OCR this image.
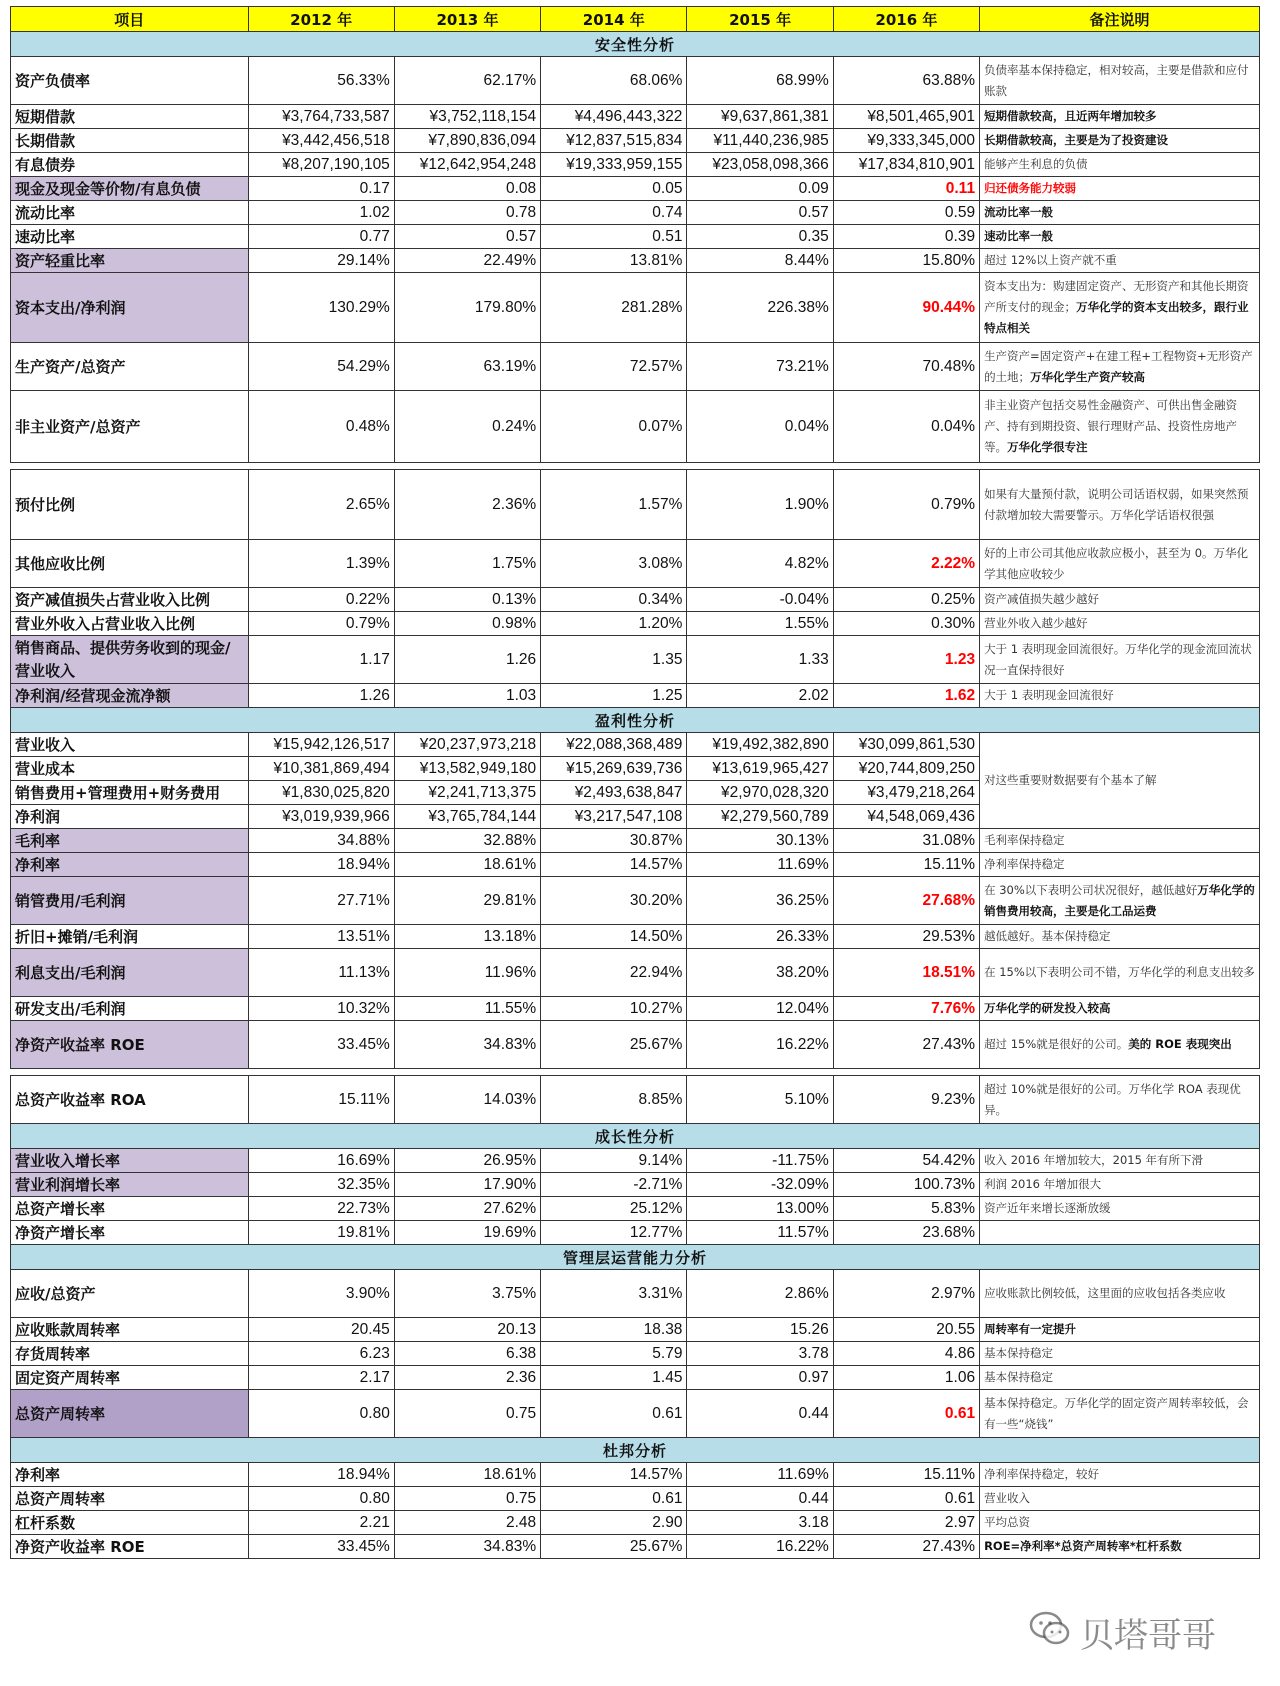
项目	2012 年	2013 年	2014 年	2015 年	2016 年	备注说明
安全性分析						
资产负债率	56.33%	62.17%	68.06%	68.99%	63.88%	负债率基本保持稳定，相对较高，主要是借款和应付账款
短期借款	¥3,764,733,587	¥3,752,118,154	¥4,496,443,322	¥9,637,861,381	¥8,501,465,901	短期借款较高，且近两年增加较多
长期借款	¥3,442,456,518	¥7,890,836,094	¥12,837,515,834	¥11,440,236,985	¥9,333,345,000	长期借款较高，主要是为了投资建设
有息债券	¥8,207,190,105	¥12,642,954,248	¥19,333,959,155	¥23,058,098,366	¥17,834,810,901	能够产生利息的负债
现金及现金等价物/有息负债	0.17	0.08	0.05	0.09	0.11	归还债务能力较弱
流动比率	1.02	0.78	0.74	0.57	0.59	流动比率一般
速动比率	0.77	0.57	0.51	0.35	0.39	速动比率一般
资产轻重比率	29.14%	22.49%	13.81%	8.44%	15.80%	超过 12%以上资产就不重
资本支出/净利润	130.29%	179.80%	281.28%	226.38%	90.44%	资本支出为：购建固定资产、无形资产和其他长期资产所支付的现金；万华化学的资本支出较多，跟行业特点相关
生产资产/总资产	54.29%	63.19%	72.57%	73.21%	70.48%	生产资产=固定资产+在建工程+工程物资+无形资产的土地；万华化学生产资产较高
非主业资产/总资产	0.48%	0.24%	0.07%	0.04%	0.04%	非主业资产包括交易性金融资产、可供出售金融资产、持有到期投资、银行理财产品、投资性房地产等。万华化学很专注

预付比例	2.65%	2.36%	1.57%	1.90%	0.79%	如果有大量预付款，说明公司话语权弱，如果突然预付款增加较大需要警示。万华化学话语权很强
其他应收比例	1.39%	1.75%	3.08%	4.82%	2.22%	好的上市公司其他应收款应极小，甚至为 0。万华化学其他应收较少
资产减值损失占营业收入比例	0.22%	0.13%	0.34%	-0.04%	0.25%	资产减值损失越少越好
营业外收入占营业收入比例	0.79%	0.98%	1.20%	1.55%	0.30%	营业外收入越少越好
销售商品、提供劳务收到的现金/营业收入	1.17	1.26	1.35	1.33	1.23	大于 1 表明现金回流很好。万华化学的现金流回流状况一直保持很好
净利润/经营现金流净额	1.26	1.03	1.25	2.02	1.62	大于 1 表明现金回流很好
盈利性分析						
营业收入	¥15,942,126,517	¥20,237,973,218	¥22,088,368,489	¥19,492,382,890	¥30,099,861,530	对这些重要财数据要有个基本了解
营业成本	¥10,381,869,494	¥13,582,949,180	¥15,269,639,736	¥13,619,965,427	¥20,744,809,250	
销售费用+管理费用+财务费用	¥1,830,025,820	¥2,241,713,375	¥2,493,638,847	¥2,970,028,320	¥3,479,218,264	
净利润	¥3,019,939,966	¥3,765,784,144	¥3,217,547,108	¥2,279,560,789	¥4,548,069,436	
毛利率	34.88%	32.88%	30.87%	30.13%	31.08%	毛利率保持稳定
净利率	18.94%	18.61%	14.57%	11.69%	15.11%	净利率保持稳定
销管费用/毛利润	27.71%	29.81%	30.20%	36.25%	27.68%	在 30%以下表明公司状况很好，越低越好万华化学的销售费用较高，主要是化工品运费
折旧+摊销/毛利润	13.51%	13.18%	14.50%	26.33%	29.53%	越低越好。基本保持稳定
利息支出/毛利润	11.13%	11.96%	22.94%	38.20%	18.51%	在 15%以下表明公司不错，万华化学的利息支出较多
研发支出/毛利润	10.32%	11.55%	10.27%	12.04%	7.76%	万华化学的研发投入较高
净资产收益率 ROE	33.45%	34.83%	25.67%	16.22%	27.43%	超过 15%就是很好的公司。美的 ROE 表现突出

总资产收益率 ROA	15.11%	14.03%	8.85%	5.10%	9.23%	超过 10%就是很好的公司。万华化学 ROA 表现优异。
成长性分析						
营业收入增长率	16.69%	26.95%	9.14%	-11.75%	54.42%	收入 2016 年增加较大，2015 年有所下滑
营业利润增长率	32.35%	17.90%	-2.71%	-32.09%	100.73%	利润 2016 年增加很大
总资产增长率	22.73%	27.62%	25.12%	13.00%	5.83%	资产近年来增长逐渐放缓
净资产增长率	19.81%	19.69%	12.77%	11.57%	23.68%	
管理层运营能力分析						
应收/总资产	3.90%	3.75%	3.31%	2.86%	2.97%	应收账款比例较低，这里面的应收包括各类应收
应收账款周转率	20.45	20.13	18.38	15.26	20.55	周转率有一定提升
存货周转率	6.23	6.38	5.79	3.78	4.86	基本保持稳定
固定资产周转率	2.17	2.36	1.45	0.97	1.06	基本保持稳定
总资产周转率	0.80	0.75	0.61	0.44	0.61	基本保持稳定。万华化学的固定资产周转率较低，会有一些“烧钱”
杜邦分析						
净利率	18.94%	18.61%	14.57%	11.69%	15.11%	净利率保持稳定，较好
总资产周转率	0.80	0.75	0.61	0.44	0.61	营业收入
杠杆系数	2.21	2.48	2.90	3.18	2.97	平均总资
净资产收益率 ROE	33.45%	34.83%	25.67%	16.22%	27.43%	ROE=净利率*总资产周转率*杠杆系数
贝塔哥哥
